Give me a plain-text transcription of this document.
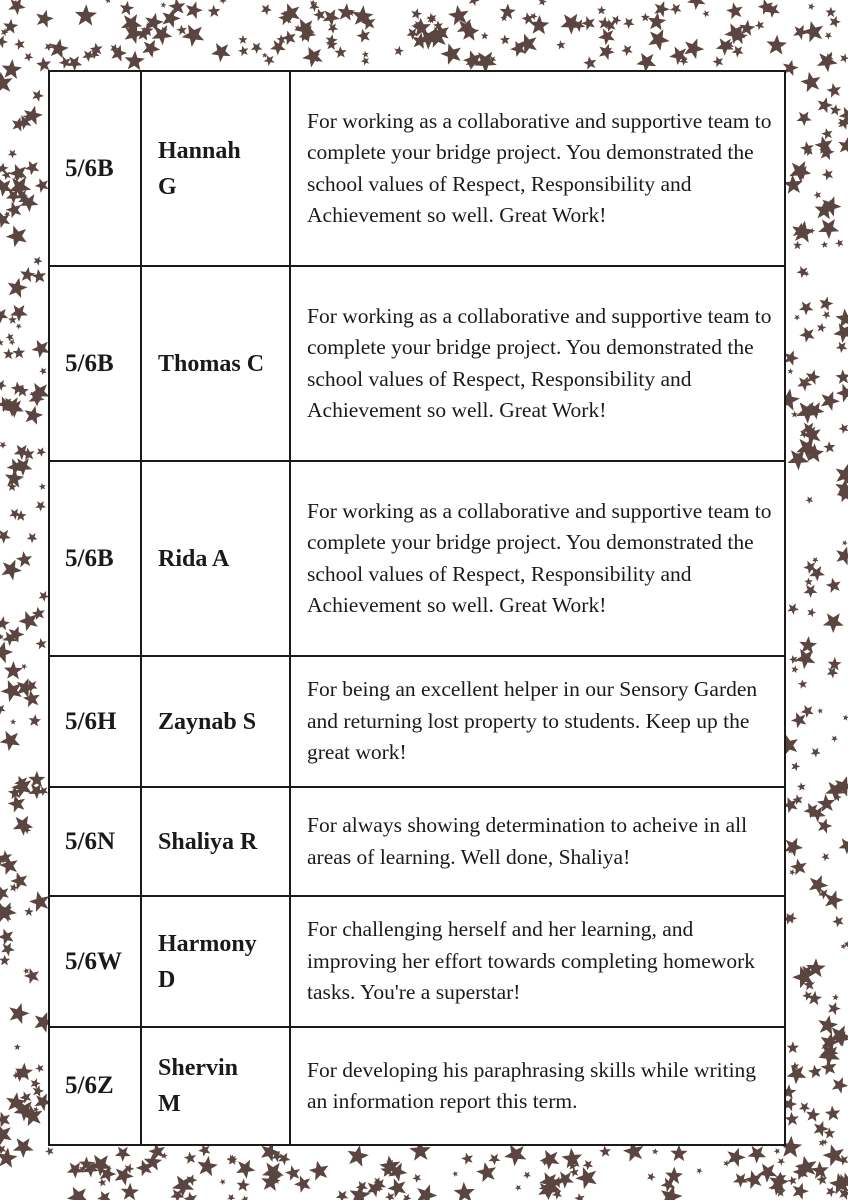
5/6B	Hannah G	For working as a collaborative and supportive team to complete your bridge project. You demonstrated the school values of Respect, Responsibility and Achievement so well. Great Work!
5/6B	Thomas C	For working as a collaborative and supportive team to complete your bridge project. You demonstrated the school values of Respect, Responsibility and Achievement so well. Great Work!
5/6B	Rida A	For working as a collaborative and supportive team to complete your bridge project. You demonstrated the school values of Respect, Responsibility and Achievement so well. Great Work!
5/6H	Zaynab S	For being an excellent helper in our Sensory Garden and returning lost property to students. Keep up the great work!
5/6N	Shaliya R	For always showing determination to acheive in all areas of learning. Well done, Shaliya!
5/6W	Harmony D	For challenging herself and her learning, and improving her effort towards completing homework tasks. You're a superstar!
5/6Z	Shervin M	For developing his paraphrasing skills while writing an information report this term.
